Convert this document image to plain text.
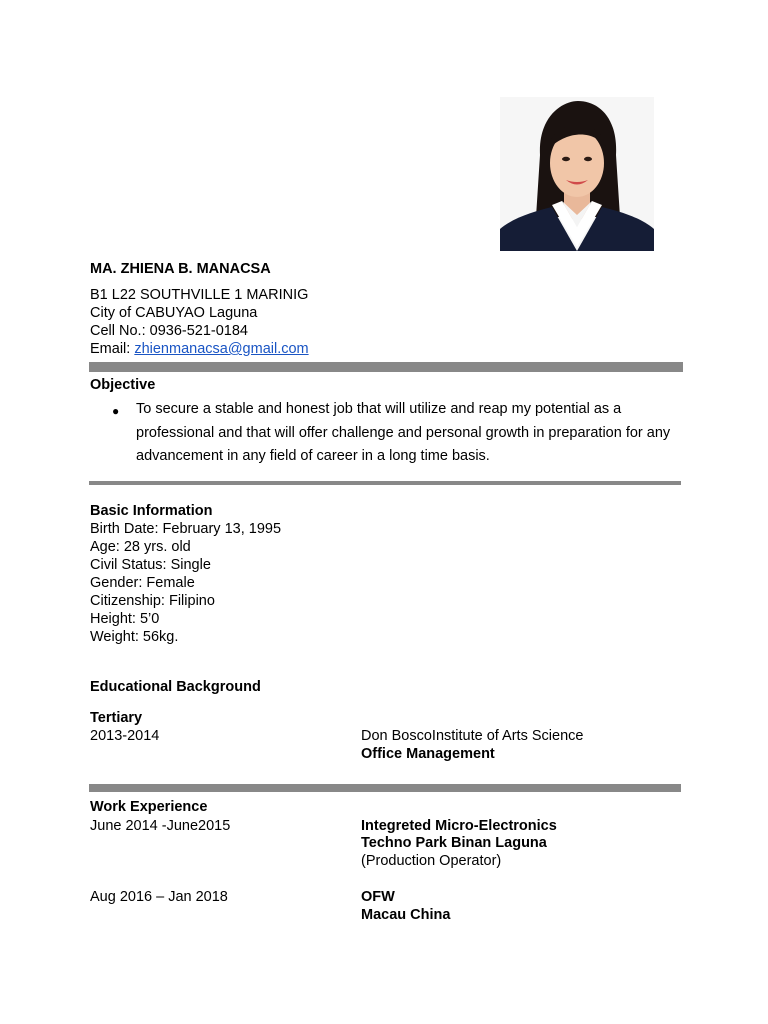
MA. ZHIENA B. MANACSA
B1 L22 SOUTHVILLE 1 MARINIG
City of CABUYAO Laguna
Cell No.: 0936-521-0184
Email: zhienmanacsa@gmail.com
Objective
● To secure a stable and honest job that will utilize and reap my potential as a professional and that will offer challenge and personal growth in preparation for any advancement in any field of career in a long time basis.
Basic Information
Birth Date: February 13, 1995
Age: 28 yrs. old
Civil Status: Single
Gender: Female
Citizenship: Filipino
Height: 5’0
Weight: 56kg.
Educational Background
Tertiary
2013-2014	Don BoscoInstitute of Arts Science
Office Management
Work Experience
June 2014 -June2015	Integreted Micro-Electronics
Techno Park Binan Laguna
(Production Operator)
Aug 2016 – Jan 2018	OFW
Macau China
